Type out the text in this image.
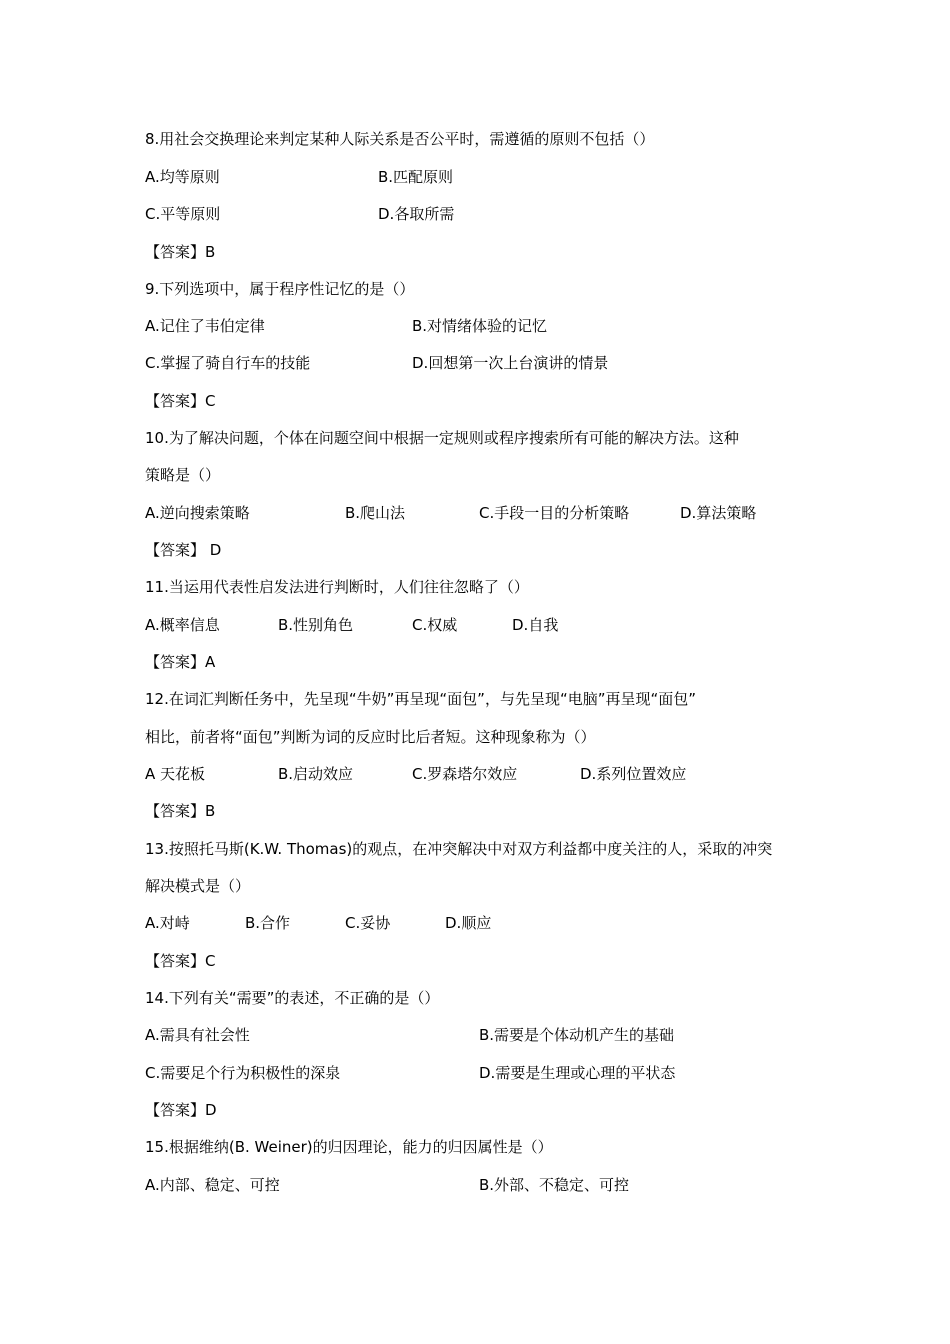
8.用社会交换理论来判定某种人际关系是否公平时，需遵循的原则不包括（）
A.均等原则	B.匹配原则
C.平等原则	D.各取所需
【答案】B
9.下列选项中，属于程序性记忆的是（）
A.记住了韦伯定律	B.对情绪体验的记忆
C.掌握了骑自行车的技能	D.回想第一次上台演讲的情景
【答案】C
10.为了解决问题，个体在问题空间中根据一定规则或程序搜索所有可能的解决方法。这种
策略是（）
A.逆向搜索策略	B.爬山法	C.手段一目的分析策略	D.算法策略
【答案】 D
11.当运用代表性启发法进行判断时，人们往往忽略了（）
A.概率信息	B.性别角色	C.权威	D.自我
【答案】A
12.在词汇判断任务中，先呈现“牛奶”再呈现“面包”，与先呈现“电脑”再呈现“面包”
相比，前者将“面包”判断为词的反应时比后者短。这种现象称为（）
A 天花板	B.启动效应	C.罗森塔尔效应	D.系列位置效应
【答案】B
13.按照托马斯(K.W. Thomas)的观点，在冲突解决中对双方利益都中度关注的人，采取的冲突
解决模式是（）
A.对峙	B.合作	C.妥协	D.顺应
【答案】C
14.下列有关“需要”的表述，不正确的是（）
A.需具有社会性	B.需要是个体动机产生的基础
C.需要足个行为积极性的深泉	D.需要是生理或心理的平状态
【答案】D
15.根据维纳(B. Weiner)的归因理论，能力的归因属性是（）
A.内部、稳定、可控	B.外部、不稳定、可控
